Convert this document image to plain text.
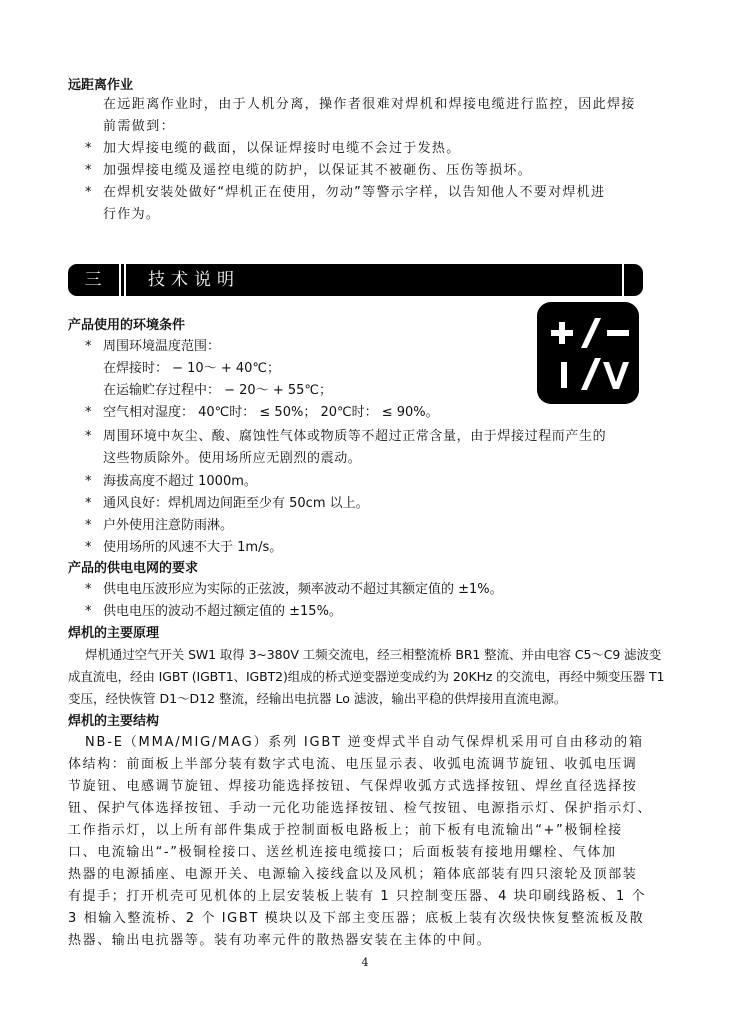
远距离作业
在远距离作业时，由于人机分离，操作者很难对焊机和焊接电缆进行监控，因此焊接
前需做到：
* 加大焊接电缆的截面，以保证焊接时电缆不会过于发热。
* 加强焊接电缆及遥控电缆的防护，以保证其不被砸伤、压伤等损坏。
* 在焊机安装处做好“焊机正在使用，勿动”等警示字样，以告知他人不要对焊机进
行作为。
三	技术说明
产品使用的环境条件
* 周围环境温度范围：
在焊接时： − 10～ + 40℃；
在运输贮存过程中： − 20～ + 55℃；
* 空气相对湿度： 40℃时： ≤ 50%； 20℃时： ≤ 90%。
* 周围环境中灰尘、酸、腐蚀性气体或物质等不超过正常含量，由于焊接过程而产生的
这些物质除外。使用场所应无剧烈的震动。
* 海拔高度不超过 1000m。
* 通风良好：焊机周边间距至少有 50cm 以上。
* 户外使用注意防雨淋。
* 使用场所的风速不大于 1m/s。
产品的供电电网的要求
* 供电电压波形应为实际的正弦波，频率波动不超过其额定值的 ±1%。
* 供电电压的波动不超过额定值的 ±15%。
焊机的主要原理
焊机通过空气开关 SW1 取得 3~380V 工频交流电，经三相整流桥 BR1 整流、并由电容 C5～C9 滤波变
成直流电，经由 IGBT (IGBT1、IGBT2)组成的桥式逆变器逆变成约为 20KHz 的交流电，再经中频变压器 T1
变压，经快恢管 D1～D12 整流，经输出电抗器 Lo 滤波，输出平稳的供焊接用直流电源。
焊机的主要结构
NB-E（MMA/MIG/MAG）系列 IGBT 逆变焊式半自动气保焊机采用可自由移动的箱
体结构：前面板上半部分装有数字式电流、电压显示表、收弧电流调节旋钮、收弧电压调
节旋钮、电感调节旋钮、焊接功能选择按钮、气保焊收弧方式选择按钮、焊丝直径选择按
钮、保护气体选择按钮、手动一元化功能选择按钮、检气按钮、电源指示灯、保护指示灯、
工作指示灯，以上所有部件集成于控制面板电路板上；前下板有电流输出“+”极铜栓接
口、电流输出“-”极铜栓接口、送丝机连接电缆接口；后面板装有接地用螺栓、气体加
热器的电源插座、电源开关、电源输入接线盒以及风机；箱体底部装有四只滚轮及顶部装
有提手；打开机壳可见机体的上层安装板上装有 1 只控制变压器、4 块印刷线路板、1 个
3 相输入整流桥、2 个 IGBT 模块以及下部主变压器；底板上装有次级快恢复整流板及散
热器、输出电抗器等。装有功率元件的散热器安装在主体的中间。
4
